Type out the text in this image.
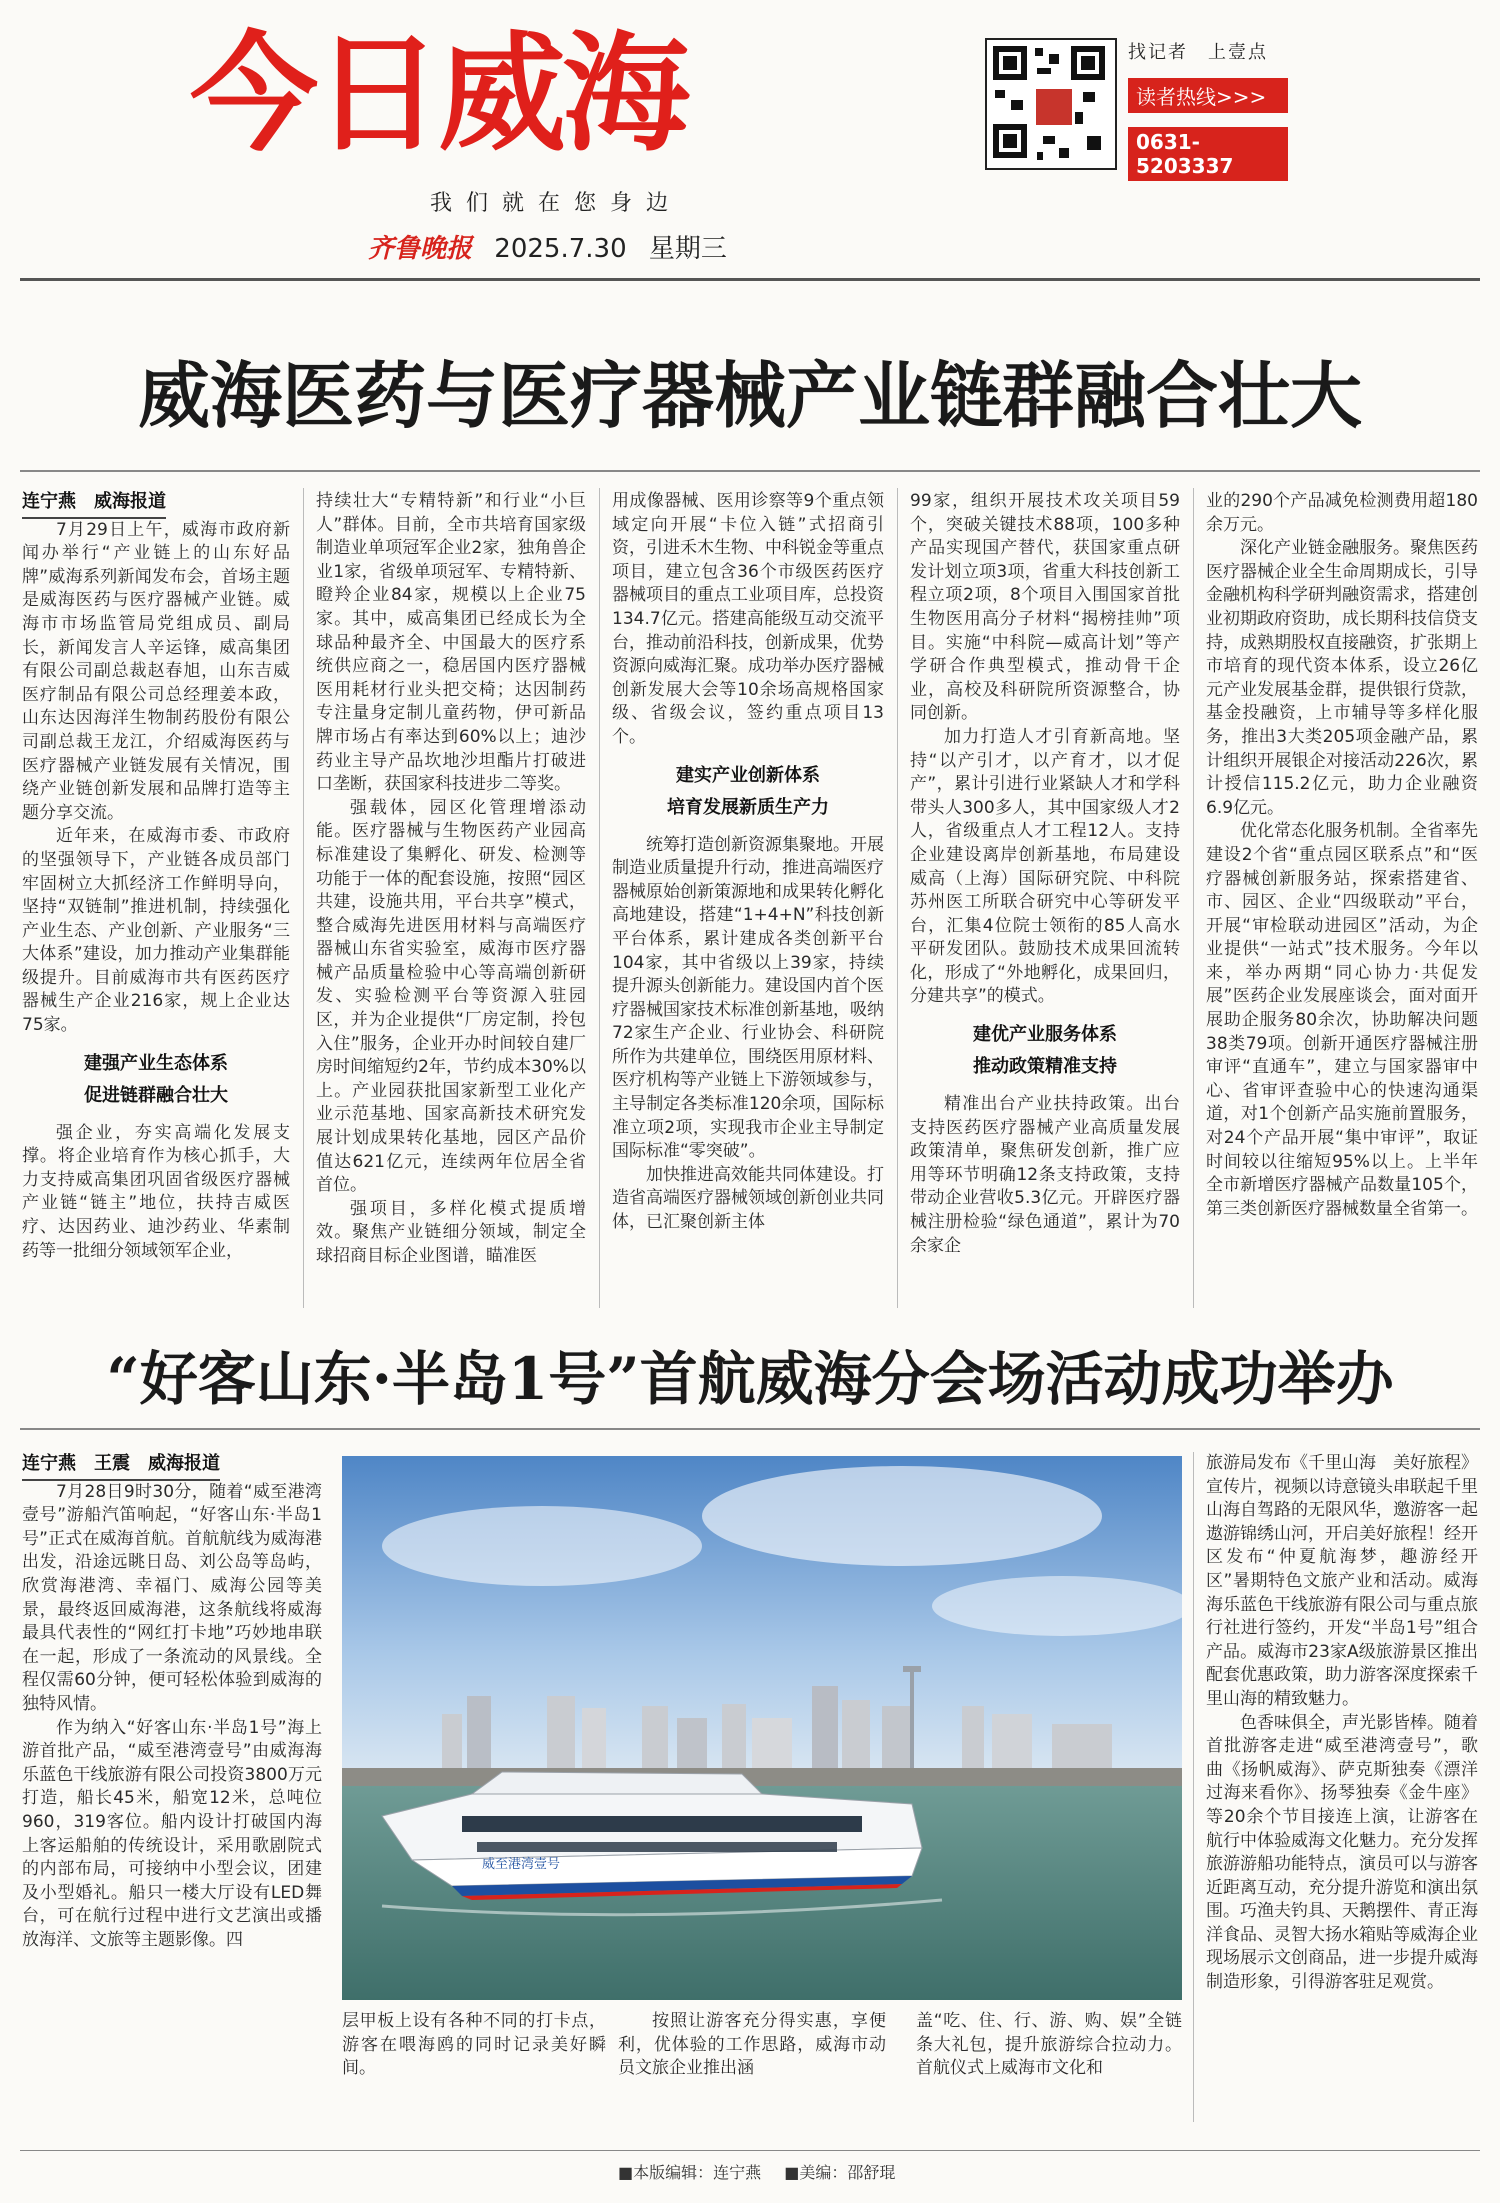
今日威海
我们就在您身边
找记者　上壹点
读者热线>>>
0631-5203337
齐鲁晚报 2025.7.30 星期三
威海医药与医疗器械产业链群融合壮大

连宁燕　威海报道

7月29日上午，威海市政府新闻办举行“产业链上的山东好品牌”威海系列新闻发布会，首场主题是威海医药与医疗器械产业链。威海市市场监管局党组成员、副局长，新闻发言人辛运锋，威高集团有限公司副总裁赵春旭，山东吉威医疗制品有限公司总经理姜本政，山东达因海洋生物制药股份有限公司副总裁王龙江，介绍威海医药与医疗器械产业链发展有关情况，围绕产业链创新发展和品牌打造等主题分享交流。

近年来，在威海市委、市政府的坚强领导下，产业链各成员部门牢固树立大抓经济工作鲜明导向，坚持“双链制”推进机制，持续强化产业生态、产业创新、产业服务“三大体系”建设，加力推动产业集群能级提升。目前威海市共有医药医疗器械生产企业216家，规上企业达75家。

建强产业生态体系
促进链群融合壮大

强企业，夯实高端化发展支撑。将企业培育作为核心抓手，大力支持威高集团巩固省级医疗器械产业链“链主”地位，扶持吉威医疗、达因药业、迪沙药业、华素制药等一批细分领域领军企业，

持续壮大“专精特新”和行业“小巨人”群体。目前，全市共培育国家级制造业单项冠军企业2家，独角兽企业1家，省级单项冠军、专精特新、瞪羚企业84家，规模以上企业75家。其中，威高集团已经成长为全球品种最齐全、中国最大的医疗系统供应商之一，稳居国内医疗器械医用耗材行业头把交椅；达因制药专注量身定制儿童药物，伊可新品牌市场占有率达到60%以上；迪沙药业主导产品坎地沙坦酯片打破进口垄断，获国家科技进步二等奖。

强载体，园区化管理增添动能。医疗器械与生物医药产业园高标准建设了集孵化、研发、检测等功能于一体的配套设施，按照“园区共建，设施共用，平台共享”模式，整合威海先进医用材料与高端医疗器械山东省实验室，威海市医疗器械产品质量检验中心等高端创新研发、实验检测平台等资源入驻园区，并为企业提供“厂房定制，拎包入住”服务，企业开办时间较自建厂房时间缩短约2年，节约成本30%以上。产业园获批国家新型工业化产业示范基地、国家高新技术研究发展计划成果转化基地，园区产品价值达621亿元，连续两年位居全省首位。

强项目，多样化模式提质增效。聚焦产业链细分领域，制定全球招商目标企业图谱，瞄准医

用成像器械、医用诊察等9个重点领域定向开展“卡位入链”式招商引资，引进禾木生物、中科锐金等重点项目，建立包含36个市级医药医疗器械项目的重点工业项目库，总投资134.7亿元。搭建高能级互动交流平台，推动前沿科技，创新成果，优势资源向威海汇聚。成功举办医疗器械创新发展大会等10余场高规格国家级、省级会议，签约重点项目13个。

建实产业创新体系
培育发展新质生产力

统筹打造创新资源集聚地。开展制造业质量提升行动，推进高端医疗器械原始创新策源地和成果转化孵化高地建设，搭建“1+4+N”科技创新平台体系，累计建成各类创新平台104家，其中省级以上39家，持续提升源头创新能力。建设国内首个医疗器械国家技术标准创新基地，吸纳72家生产企业、行业协会、科研院所作为共建单位，围绕医用原材料、医疗机构等产业链上下游领域参与，主导制定各类标准120余项，国际标准立项2项，实现我市企业主导制定国际标准“零突破”。

加快推进高效能共同体建设。打造省高端医疗器械领域创新创业共同体，已汇聚创新主体

99家，组织开展技术攻关项目59个，突破关键技术88项，100多种产品实现国产替代，获国家重点研发计划立项3项，省重大科技创新工程立项2项，8个项目入围国家首批生物医用高分子材料“揭榜挂帅”项目。实施“中科院—威高计划”等产学研合作典型模式，推动骨干企业，高校及科研院所资源整合，协同创新。

加力打造人才引育新高地。坚持“以产引才，以产育才，以才促产”，累计引进行业紧缺人才和学科带头人300多人，其中国家级人才2人，省级重点人才工程12人。支持企业建设离岸创新基地，布局建设威高（上海）国际研究院、中科院苏州医工所联合研究中心等研发平台，汇集4位院士领衔的85人高水平研发团队。鼓励技术成果回流转化，形成了“外地孵化，成果回归，分建共享”的模式。

建优产业服务体系
推动政策精准支持

精准出台产业扶持政策。出台支持医药医疗器械产业高质量发展政策清单，聚焦研发创新，推广应用等环节明确12条支持政策，支持带动企业营收5.3亿元。开辟医疗器械注册检验“绿色通道”，累计为70余家企

业的290个产品减免检测费用超180余万元。

深化产业链金融服务。聚焦医药医疗器械企业全生命周期成长，引导金融机构科学研判融资需求，搭建创业初期政府资助，成长期科技信贷支持，成熟期股权直接融资，扩张期上市培育的现代资本体系，设立26亿元产业发展基金群，提供银行贷款，基金投融资，上市辅导等多样化服务，推出3大类205项金融产品，累计组织开展银企对接活动226次，累计授信115.2亿元，助力企业融资6.9亿元。

优化常态化服务机制。全省率先建设2个省“重点园区联系点”和“医疗器械创新服务站，探索搭建省、市、园区、企业“四级联动”平台，开展“审检联动进园区”活动，为企业提供“一站式”技术服务。今年以来，举办两期“同心协力·共促发展”医药企业发展座谈会，面对面开展助企服务80余次，协助解决问题38类79项。创新开通医疗器械注册审评“直通车”，建立与国家器审中心、省审评查验中心的快速沟通渠道，对1个创新产品实施前置服务，对24个产品开展“集中审评”，取证时间较以往缩短95%以上。上半年全市新增医疗器械产品数量105个，第三类创新医疗器械数量全省第一。

“好客山东·半岛1号”首航威海分会场活动成功举办

连宁燕　王震　威海报道

7月28日9时30分，随着“威至港湾壹号”游船汽笛响起，“好客山东·半岛1号”正式在威海首航。首航航线为威海港出发，沿途远眺日岛、刘公岛等岛屿，欣赏海港湾、幸福门、威海公园等美景，最终返回威海港，这条航线将威海最具代表性的“网红打卡地”巧妙地串联在一起，形成了一条流动的风景线。全程仅需60分钟，便可轻松体验到威海的独特风情。

作为纳入“好客山东·半岛1号”海上游首批产品，“威至港湾壹号”由威海海乐蓝色干线旅游有限公司投资3800万元打造，船长45米，船宽12米，总吨位960，319客位。船内设计打破国内海上客运船舶的传统设计，采用歌剧院式的内部布局，可接纳中小型会议，团建及小型婚礼。船只一楼大厅设有LED舞台，可在航行过程中进行文艺演出或播放海洋、文旅等主题影像。四

威至港湾壹号

层甲板上设有各种不同的打卡点，游客在喂海鸥的同时记录美好瞬间。

按照让游客充分得实惠，享便利，优体验的工作思路，威海市动员文旅企业推出涵

盖“吃、住、行、游、购、娱”全链条大礼包，提升旅游综合拉动力。首航仪式上威海市文化和

旅游局发布《千里山海　美好旅程》宣传片，视频以诗意镜头串联起千里山海自驾路的无限风华，邀游客一起遨游锦绣山河，开启美好旅程！经开区发布“仲夏航海梦，趣游经开区”暑期特色文旅产业和活动。威海海乐蓝色干线旅游有限公司与重点旅行社进行签约，开发“半岛1号”组合产品。威海市23家A级旅游景区推出配套优惠政策，助力游客深度探索千里山海的精致魅力。

色香味俱全，声光影皆棒。随着首批游客走进“威至港湾壹号”，歌曲《扬帆威海》、萨克斯独奏《漂洋过海来看你》、扬琴独奏《金牛座》等20余个节目接连上演，让游客在航行中体验威海文化魅力。充分发挥旅游游船功能特点，演员可以与游客近距离互动，充分提升游览和演出氛围。巧渔夫钓具、天鹅摆件、青正海洋食品、灵智大扬水箱贴等威海企业现场展示文创商品，进一步提升威海制造形象，引得游客驻足观赏。

■本版编辑：连宁燕 ■美编：邵舒琨
